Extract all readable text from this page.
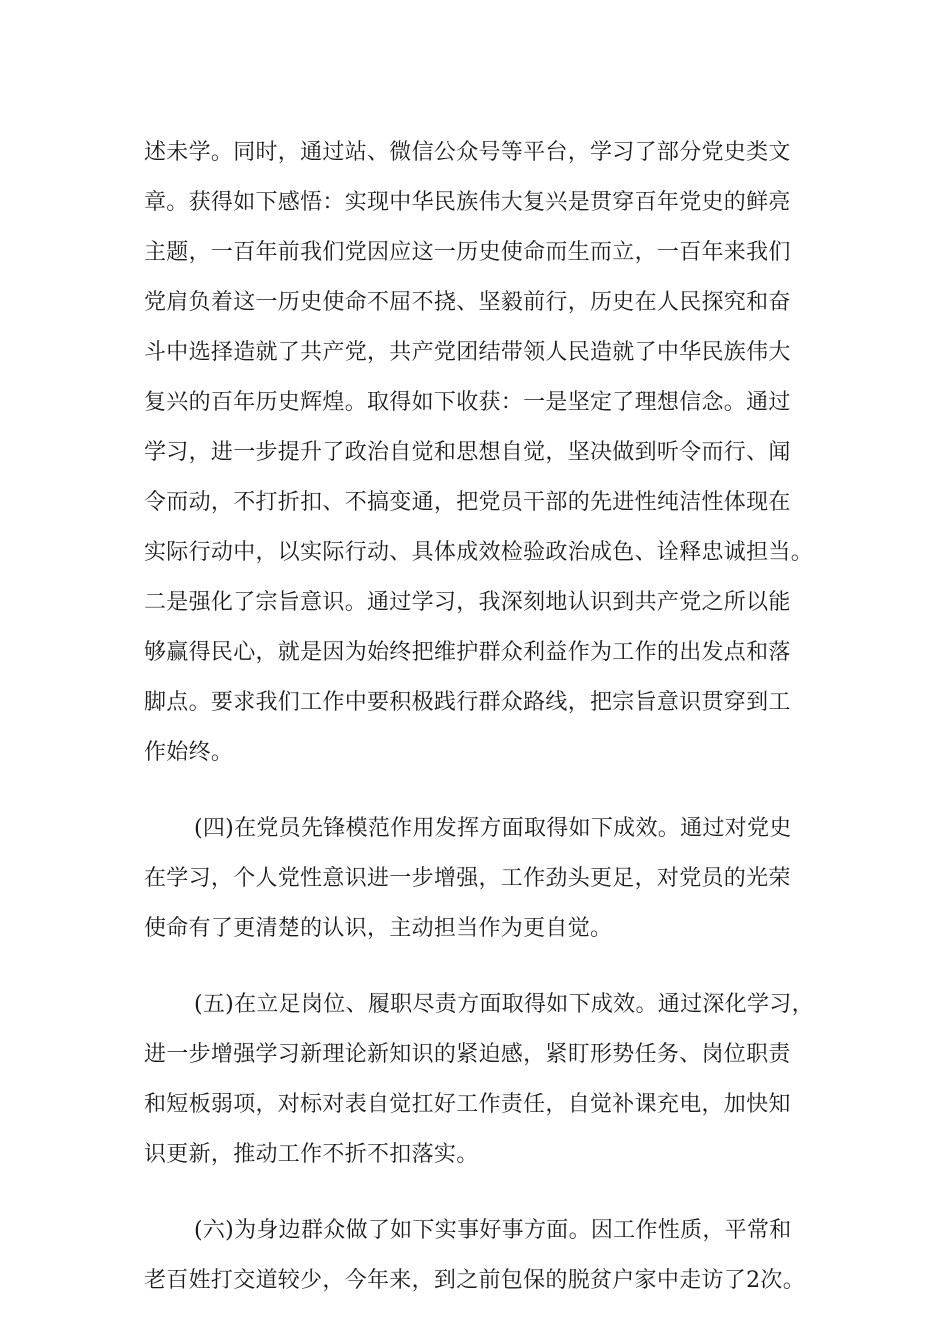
述未学。同时，通过站、微信公众号等平台，学习了部分党史类文
章。获得如下感悟：实现中华民族伟大复兴是贯穿百年党史的鲜亮
主题，一百年前我们党因应这一历史使命而生而立，一百年来我们
党肩负着这一历史使命不屈不挠、坚毅前行，历史在人民探究和奋
斗中选择造就了共产党，共产党团结带领人民造就了中华民族伟大
复兴的百年历史辉煌。取得如下收获：一是坚定了理想信念。通过
学习，进一步提升了政治自觉和思想自觉，坚决做到听令而行、闻
令而动，不打折扣、不搞变通，把党员干部的先进性纯洁性体现在
实际行动中，以实际行动、具体成效检验政治成色、诠释忠诚担当。
二是强化了宗旨意识。通过学习，我深刻地认识到共产党之所以能
够赢得民心，就是因为始终把维护群众利益作为工作的出发点和落
脚点。要求我们工作中要积极践行群众路线，把宗旨意识贯穿到工
作始终。
(四)在党员先锋模范作用发挥方面取得如下成效。通过对党史
在学习，个人党性意识进一步增强，工作劲头更足，对党员的光荣
使命有了更清楚的认识，主动担当作为更自觉。
(五)在立足岗位、履职尽责方面取得如下成效。通过深化学习，
进一步增强学习新理论新知识的紧迫感，紧盯形势任务、岗位职责
和短板弱项，对标对表自觉扛好工作责任，自觉补课充电，加快知
识更新，推动工作不折不扣落实。
(六)为身边群众做了如下实事好事方面。因工作性质，平常和
老百姓打交道较少，今年来，到之前包保的脱贫户家中走访了2次。
